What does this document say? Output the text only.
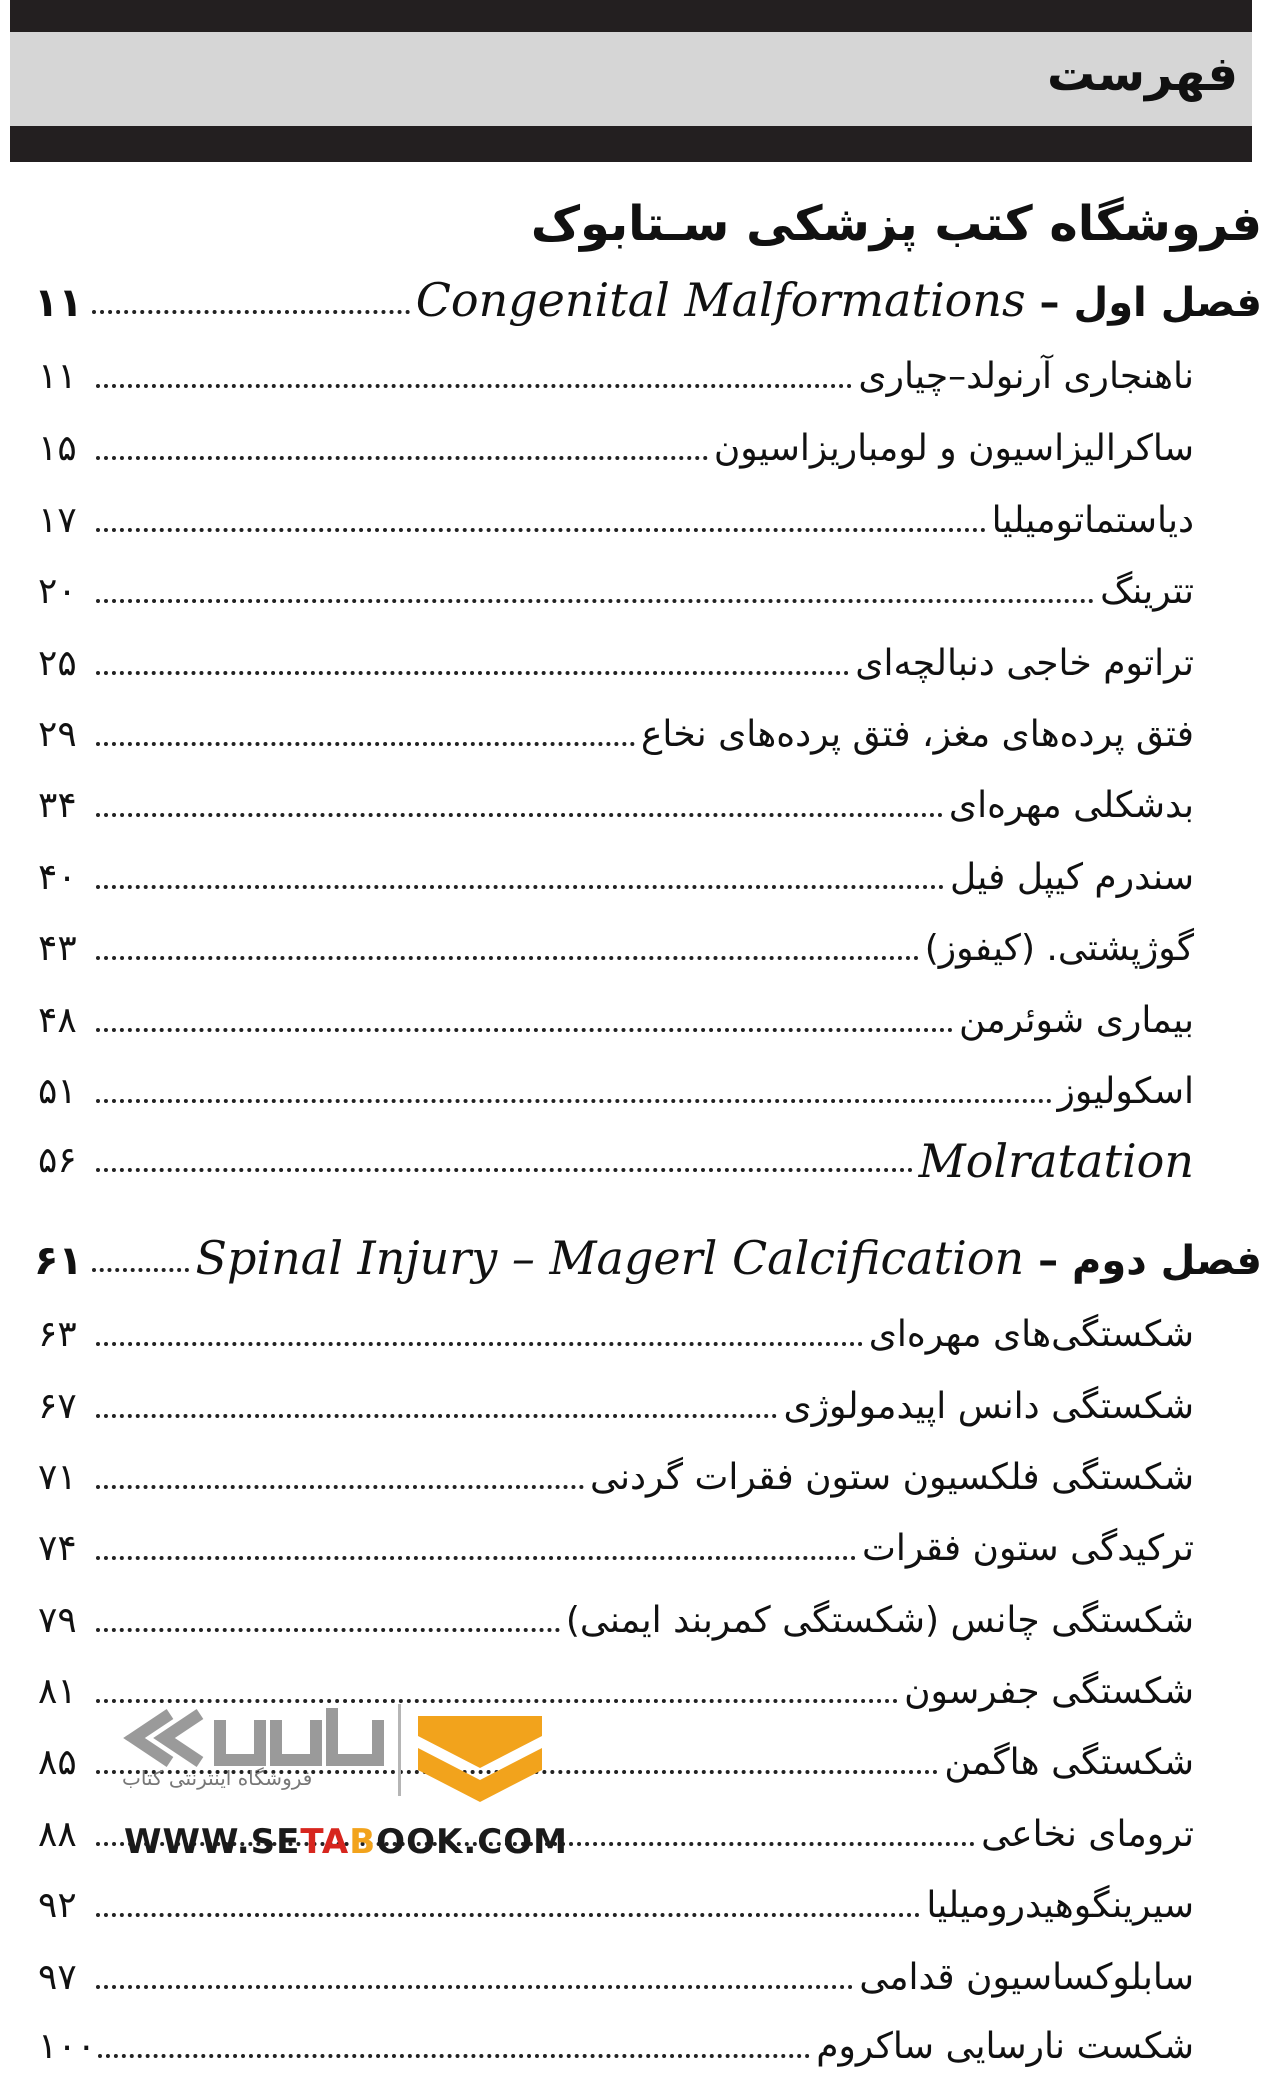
فهرست
فروشگاه کتب پزشکی سـتابوک
فصل اول – Congenital Malformations
۱۱
ناهنجاری آرنولد–چیاری
۱۱
ساکرالیزاسیون و لومباریزاسیون
۱۵
دیاستماتومیلیا
۱۷
تترینگ
۲۰
تراتوم خاجی دنبالچه‌ای
۲۵
فتق پرده‌های مغز، فتق پرده‌های نخاع
۲۹
بدشکلی مهره‌ای
۳۴
سندرم کیپل فیل
۴۰
گوژپشتی. (کیفوز)
۴۳
بیماری شوئرمن
۴۸
اسکولیوز
۵۱
Molratation
۵۶
فصل دوم – Spinal Injury – Magerl Calcification
۶۱
شکستگی‌های مهره‌ای
۶۳
شکستگی دانس اپیدمولوژی
۶۷
شکستگی فلکسیون ستون فقرات گردنی
۷۱
ترکیدگی ستون فقرات
۷۴
شکستگی چانس (شکستگی کمربند ایمنی)
۷۹
شکستگی جفرسون
۸۱
شکستگی هاگمن
۸۵
ترومای نخاعی
۸۸
سیرینگوهیدرومیلیا
۹۲
سابلوکساسیون قدامی
۹۷
شکست نارسایی ساکروم
۱۰۰
فروشگاه اینترنتی کتاب
WWW.SETABOOK.COM
